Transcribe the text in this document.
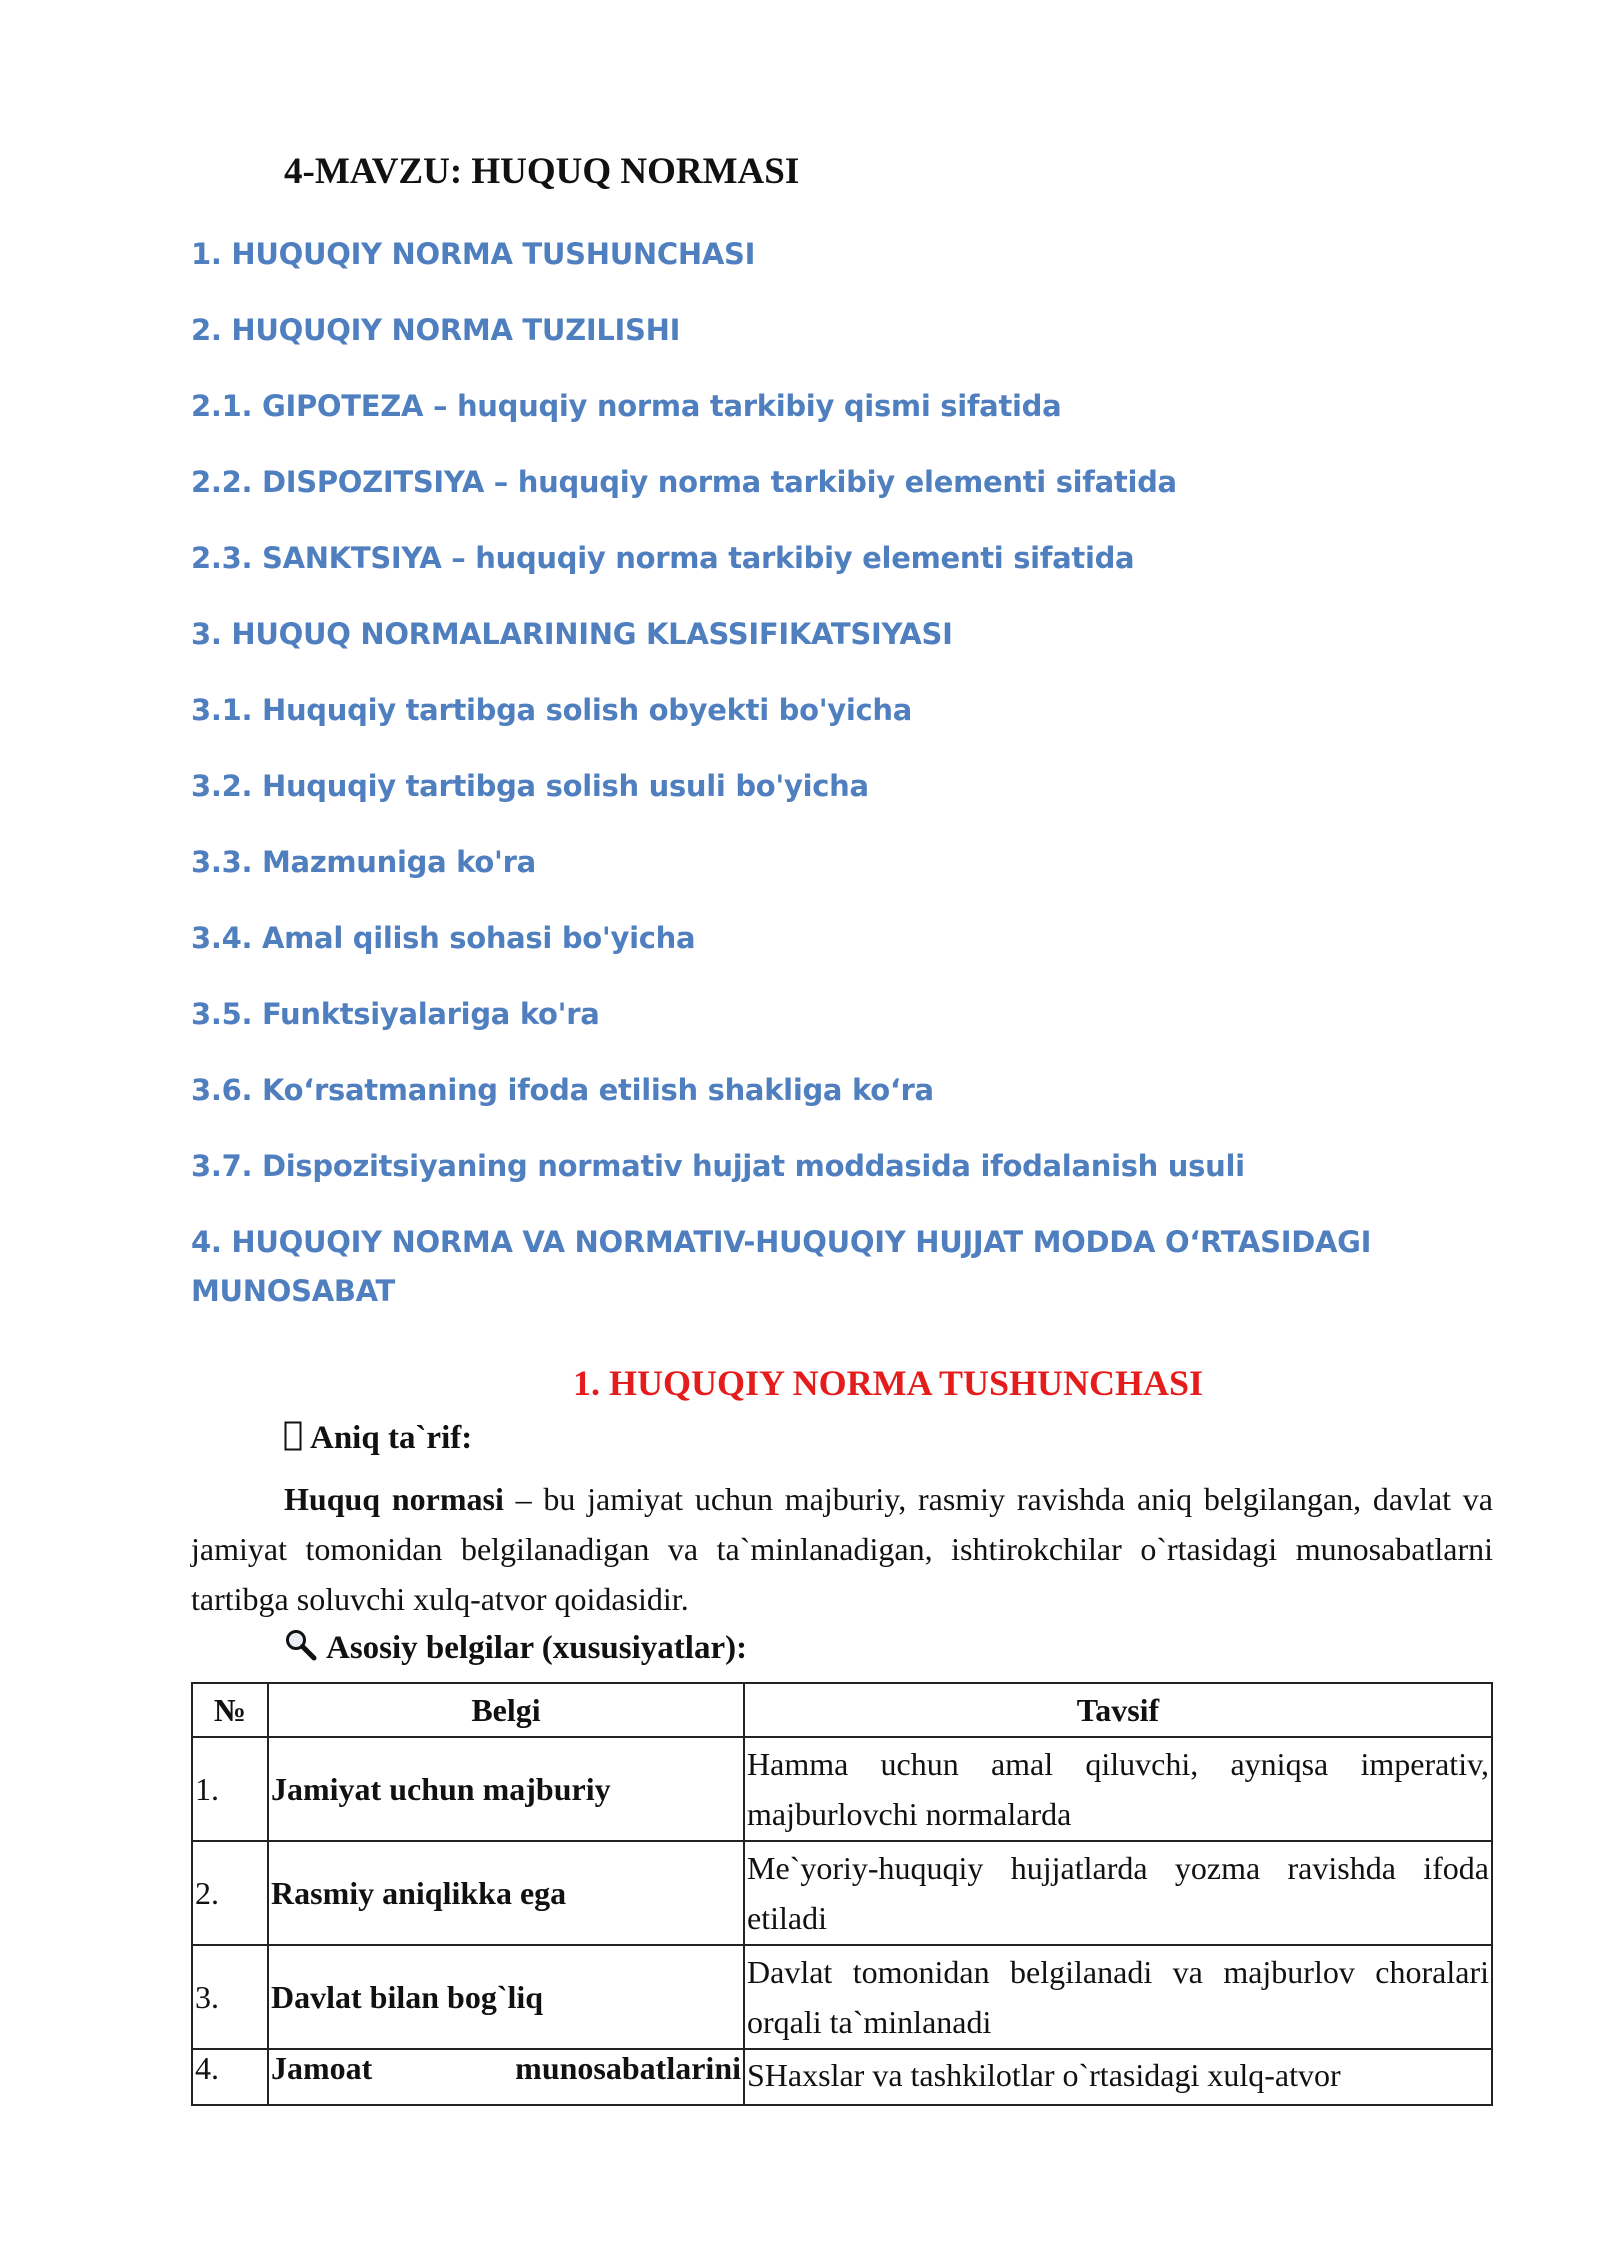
4-MAVZU: HUQUQ NORMASI
1. HUQUQIY NORMA TUSHUNCHASI
2. HUQUQIY NORMA TUZILISHI
2.1. GIPOTEZA – huquqiy norma tarkibiy qismi sifatida
2.2. DISPOZITSIYA – huquqiy norma tarkibiy elementi sifatida
2.3. SANKTSIYA – huquqiy norma tarkibiy elementi sifatida
3. HUQUQ NORMALARINING KLASSIFIKATSIYASI
3.1. Huquqiy tartibga solish obyekti bo'yicha
3.2. Huquqiy tartibga solish usuli bo'yicha
3.3. Mazmuniga ko'ra
3.4. Amal qilish sohasi bo'yicha
3.5. Funktsiyalariga ko'ra
3.6. Koʻrsatmaning ifoda etilish shakliga koʻra
3.7. Dispozitsiyaning normativ hujjat moddasida ifodalanish usuli
4. HUQUQIY NORMA VA NORMATIV-HUQUQIY HUJJAT MODDA OʻRTASIDAGI MUNOSABAT
1. HUQUQIY NORMA TUSHUNCHASI
Aniq ta`rif:
Huquq normasi – bu jamiyat uchun majburiy, rasmiy ravishda aniq belgilangan, davlat va jamiyat tomonidan belgilanadigan va ta`minlanadigan, ishtirokchilar o`rtasidagi munosabatlarni tartibga soluvchi xulq-atvor qoidasidir.
Asosiy belgilar (xususiyatlar):
№	Belgi	Tavsif
1.	Jamiyat uchun majburiy	Hamma uchun amal qiluvchi, ayniqsa imperativ, majburlovchi normalarda
2.	Rasmiy aniqlikka ega	Me`yoriy-huquqiy hujjatlarda yozma ravishda ifoda etiladi
3.	Davlat bilan bog`liq	Davlat tomonidan belgilanadi va majburlov choralari orqali ta`minlanadi
4.	Jamoat munosabatlarini	SHaxslar va tashkilotlar o`rtasidagi xulq-atvor
